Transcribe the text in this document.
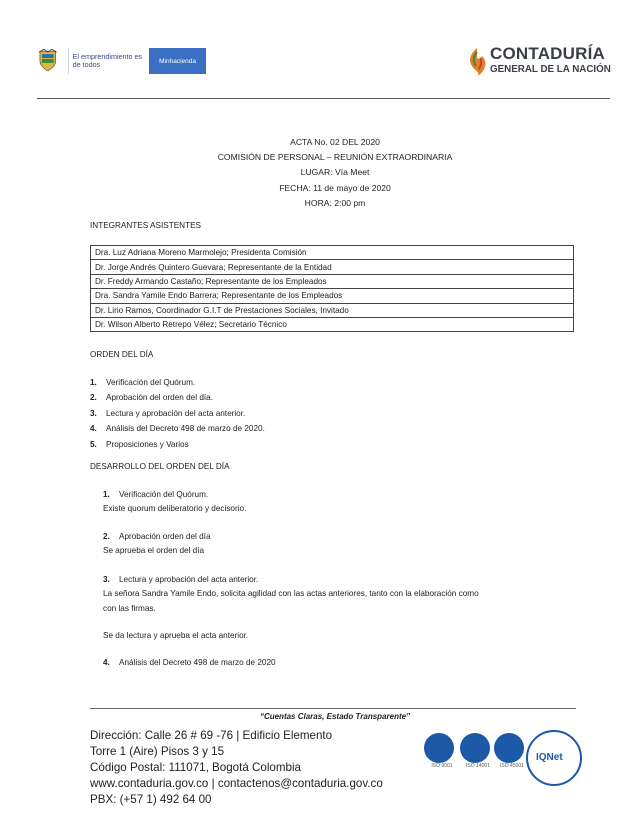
El emprendimiento es de todos	Minhacienda	CONTADURÍA
GENERAL DE LA NACIÓN
ACTA No. 02 DEL 2020
COMISIÓN DE PERSONAL – REUNIÓN EXTRAORDINARIA
LUGAR: Vía Meet
FECHA: 11 de mayo de 2020
HORA: 2:00 pm
INTEGRANTES ASISTENTES
Dra. Luz Adriana Moreno Marmolejo; Presidenta Comisión
Dr. Jorge Andrés Quintero Guevara; Representante de la Entidad
Dr. Freddy Armando Castaño; Representante de los Empleados
Dra. Sandra Yamile Endo Barrera; Representante de los Empleados
Dr. Lirio Ramos, Coordinador G.I.T de Prestaciones Sociales, Invitado
Dr. Wilson Alberto Retrepo Vélez; Secretario Técnico
ORDEN DEL DÍA
1. Verificación del Quórum.
2. Aprobación del orden del día.
3. Lectura y aprobación del acta anterior.
4. Análisis del Decreto 498 de marzo de 2020.
5. Proposiciones y Varios
DESARROLLO DEL ORDEN DEL DÍA
1. Verificación del Quórum.
Existe quorum deliberatorio y decisorio.
2. Aprobación orden del día
Se aprueba el orden del día
3. Lectura y aprobación del acta anterior.
La señora Sandra Yamile Endo, solicita agilidad con las actas anteriores, tanto con la elaboración como
con las firmas.
Se da lectura y aprueba el acta anterior.
4. Análisis del Decreto 498 de marzo de 2020
“Cuentas Claras, Estado Transparente”
Dirección: Calle 26 # 69 -76 | Edificio Elemento
Torre 1 (Aire) Pisos 3 y 15
Código Postal: 111071, Bogotá Colombia
www.contaduria.gov.co | contactenos@contaduria.gov.co
PBX: (+57 1) 492 64 00
ISO 9001	ISO 14001	ISO 45001
IQNet
